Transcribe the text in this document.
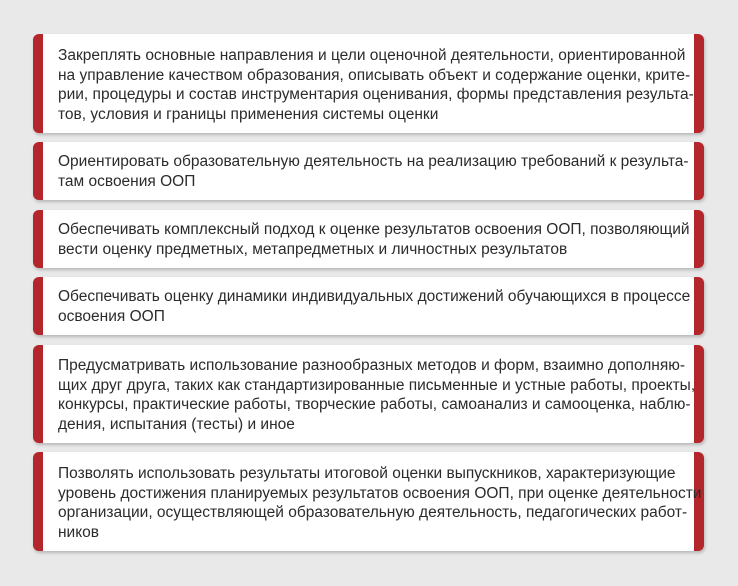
Закреплять основные направления и цели оценочной деятельности, ориентированной
на управление качеством образования, описывать объект и содержание оценки, крите-
рии, процедуры и состав инструментария оценивания, формы представления результа-
тов, условия и границы применения системы оценки

Ориентировать образовательную деятельность на реализацию требований к результа-
там освоения ООП

Обеспечивать комплексный подход к оценке результатов освоения ООП, позволяющий
вести оценку предметных, метапредметных и личностных результатов

Обеспечивать оценку динамики индивидуальных достижений обучающихся в процессе
освоения ООП

Предусматривать использование разнообразных методов и форм, взаимно дополняю-
щих друг друга, таких как стандартизированные письменные и устные работы, проекты,
конкурсы, практические работы, творческие работы, самоанализ и самооценка, наблю-
дения, испытания (тесты) и иное

Позволять использовать результаты итоговой оценки выпускников, характеризующие
уровень достижения планируемых результатов освоения ООП, при оценке деятельности
организации, осуществляющей образовательную деятельность, педагогических работ-
ников
